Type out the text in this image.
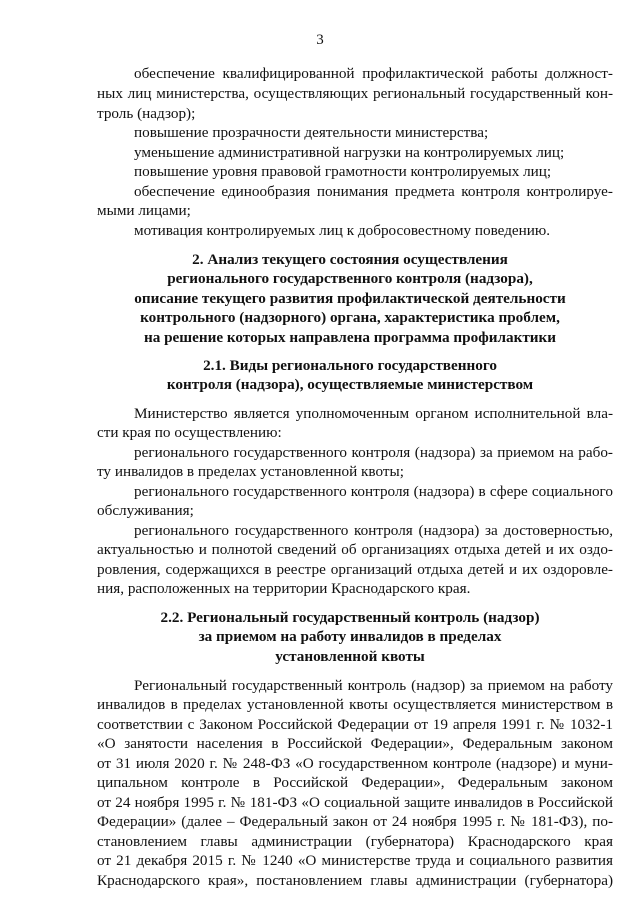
3
обеспечение квалифицированной профилактической работы должност-
ных лиц министерства, осуществляющих региональный государственный кон-
троль (надзор);
повышение прозрачности деятельности министерства;
уменьшение административной нагрузки на контролируемых лиц;
повышение уровня правовой грамотности контролируемых лиц;
обеспечение единообразия понимания предмета контроля контролируе-
мыми лицами;
мотивация контролируемых лиц к добросовестному поведению.
2. Анализ текущего состояния осуществления
регионального государственного контроля (надзора),
описание текущего развития профилактической деятельности
контрольного (надзорного) органа, характеристика проблем,
на решение которых направлена программа профилактики
2.1. Виды регионального государственного
контроля (надзора), осуществляемые министерством
Министерство является уполномоченным органом исполнительной вла-
сти края по осуществлению:
регионального государственного контроля (надзора) за приемом на рабо-
ту инвалидов в пределах установленной квоты;
регионального государственного контроля (надзора) в сфере социального
обслуживания;
регионального государственного контроля (надзора) за достоверностью,
актуальностью и полнотой сведений об организациях отдыха детей и их оздо-
ровления, содержащихся в реестре организаций отдыха детей и их оздоровле-
ния, расположенных на территории Краснодарского края.
2.2. Региональный государственный контроль (надзор)
за приемом на работу инвалидов в пределах
установленной квоты
Региональный государственный контроль (надзор) за приемом на работу
инвалидов в пределах установленной квоты осуществляется министерством в
соответствии с Законом Российской Федерации от 19 апреля 1991 г. № 1032-1
«О занятости населения в Российской Федерации», Федеральным законом
от 31 июля 2020 г. № 248-ФЗ «О государственном контроле (надзоре) и муни-
ципальном контроле в Российской Федерации», Федеральным законом
от 24 ноября 1995 г. № 181-ФЗ «О социальной защите инвалидов в Российской
Федерации» (далее – Федеральный закон от 24 ноября 1995 г. № 181-ФЗ), по-
становлением главы администрации (губернатора) Краснодарского края
от 21 декабря 2015 г. № 1240 «О министерстве труда и социального развития
Краснодарского края», постановлением главы администрации (губернатора)
